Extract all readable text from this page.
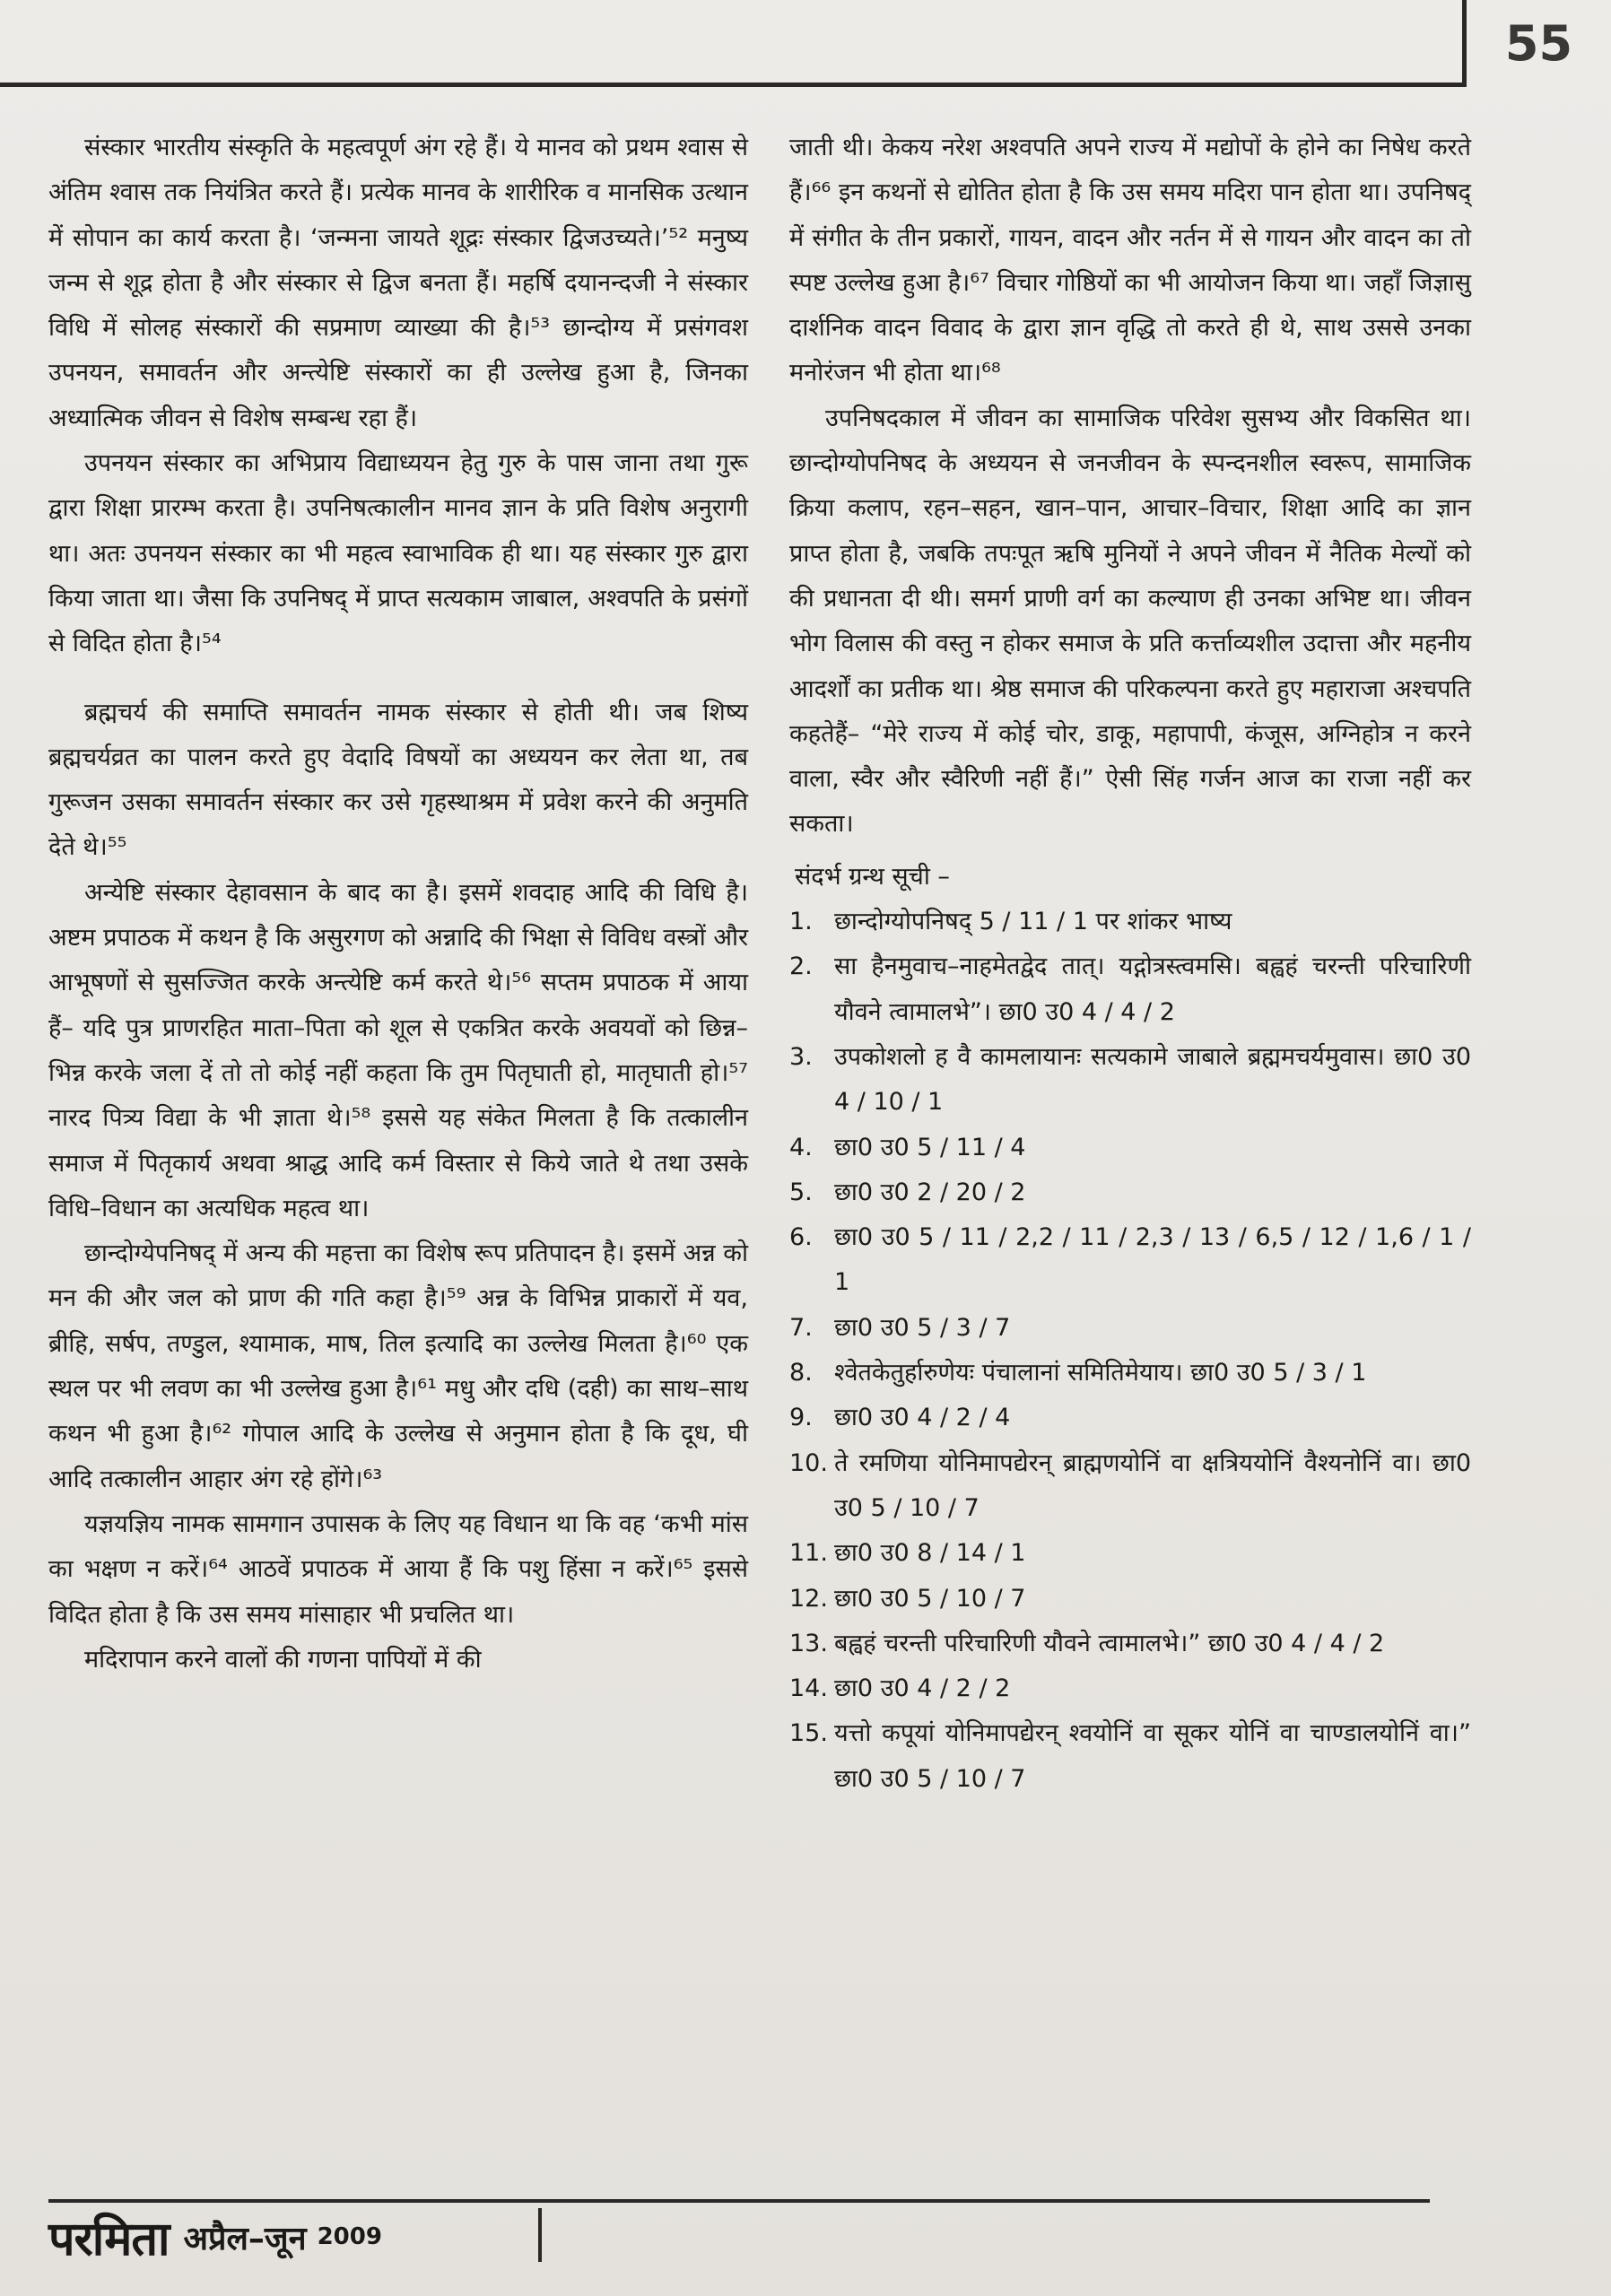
55

संस्कार भारतीय संस्कृति के महत्वपूर्ण अंग रहे हैं। ये मानव को प्रथम श्वास से अंतिम श्वास तक नियंत्रित करते हैं। प्रत्येक मानव के शारीरिक व मानसिक उत्थान में सोपान का कार्य करता है। ‘जन्मना जायते शूद्रः संस्कार द्विजउच्यते।’⁵² मनुष्य जन्म से शूद्र होता है और संस्कार से द्विज बनता हैं। महर्षि दयानन्दजी ने संस्कार विधि में सोलह संस्कारों की सप्रमाण व्याख्या की है।⁵³ छान्दोग्य में प्रसंगवश उपनयन, समावर्तन और अन्त्येष्टि संस्कारों का ही उल्लेख हुआ है, जिनका अध्यात्मिक जीवन से विशेष सम्बन्ध रहा हैं।

उपनयन संस्कार का अभिप्राय विद्याध्ययन हेतु गुरु के पास जाना तथा गुरू द्वारा शिक्षा प्रारम्भ करता है। उपनिषत्कालीन मानव ज्ञान के प्रति विशेष अनुरागी था। अतः उपनयन संस्कार का भी महत्व स्वाभाविक ही था। यह संस्कार गुरु द्वारा किया जाता था। जैसा कि उपनिषद् में प्राप्त सत्यकाम जाबाल, अश्वपति के प्रसंगों से विदित होता है।⁵⁴

ब्रह्मचर्य की समाप्ति समावर्तन नामक संस्कार से होती थी। जब शिष्य ब्रह्मचर्यव्रत का पालन करते हुए वेदादि विषयों का अध्ययन कर लेता था, तब गुरूजन उसका समावर्तन संस्कार कर उसे गृहस्थाश्रम में प्रवेश करने की अनुमति देते थे।⁵⁵

अन्येष्टि संस्कार देहावसान के बाद का है। इसमें शवदाह आदि की विधि है। अष्टम प्रपाठक में कथन है कि असुरगण को अन्नादि की भिक्षा से विविध वस्त्रों और आभूषणों से सुसज्जित करके अन्त्येष्टि कर्म करते थे।⁵⁶ सप्तम प्रपाठक में आया हैं– यदि पुत्र प्राणरहित माता–पिता को शूल से एकत्रित करके अवयवों को छिन्न–भिन्न करके जला दें तो तो कोई नहीं कहता कि तुम पितृघाती हो, मातृघाती हो।⁵⁷ नारद पित्र्य विद्या के भी ज्ञाता थे।⁵⁸ इससे यह संकेत मिलता है कि तत्कालीन समाज में पितृकार्य अथवा श्राद्ध आदि कर्म विस्तार से किये जाते थे तथा उसके विधि–विधान का अत्यधिक महत्व था।

छान्दोग्येपनिषद् में अन्य की महत्ता का विशेष रूप प्रतिपादन है। इसमें अन्न को मन की और जल को प्राण की गति कहा है।⁵⁹ अन्न के विभिन्न प्राकारों में यव, ब्रीहि, सर्षप, तण्डुल, श्यामाक, माष, तिल इत्यादि का उल्लेख मिलता है।⁶⁰ एक स्थल पर भी लवण का भी उल्लेख हुआ है।⁶¹ मधु और दधि (दही) का साथ–साथ कथन भी हुआ है।⁶² गोपाल आदि के उल्लेख से अनुमान होता है कि दूध, घी आदि तत्कालीन आहार अंग रहे होंगे।⁶³

यज्ञयज्ञिय नामक सामगान उपासक के लिए यह विधान था कि वह ‘कभी मांस का भक्षण न करें।⁶⁴ आठवें प्रपाठक में आया हैं कि पशु हिंसा न करें।⁶⁵ इससे विदित होता है कि उस समय मांसाहार भी प्रचलित था।

मदिरापान करने वालों की गणना पापियों में की

जाती थी। केकय नरेश अश्वपति अपने राज्य में मद्योपों के होने का निषेध करते हैं।⁶⁶ इन कथनों से द्योतित होता है कि उस समय मदिरा पान होता था। उपनिषद् में संगीत के तीन प्रकारों, गायन, वादन और नर्तन में से गायन और वादन का तो स्पष्ट उल्लेख हुआ है।⁶⁷ विचार गोष्ठियों का भी आयोजन किया था। जहाँ जिज्ञासु दार्शनिक वादन विवाद के द्वारा ज्ञान वृद्धि तो करते ही थे, साथ उससे उनका मनोरंजन भी होता था।⁶⁸

उपनिषदकाल में जीवन का सामाजिक परिवेश सुसभ्य और विकसित था। छान्दोग्योपनिषद के अध्ययन से जनजीवन के स्पन्दनशील स्वरूप, सामाजिक क्रिया कलाप, रहन–सहन, खान–पान, आचार–विचार, शिक्षा आदि का ज्ञान प्राप्त होता है, जबकि तपःपूत ऋषि मुनियों ने अपने जीवन में नैतिक मेल्यों को की प्रधानता दी थी। समर्ग प्राणी वर्ग का कल्याण ही उनका अभिष्ट था। जीवन भोग विलास की वस्तु न होकर समाज के प्रति कर्त्ताव्यशील उदात्ता और महनीय आदर्शों का प्रतीक था। श्रेष्ठ समाज की परिकल्पना करते हुए महाराजा अश्चपति कहतेहैं– “मेरे राज्य में कोई चोर, डाकू, महापापी, कंजूस, अग्निहोत्र न करने वाला, स्वैर और स्वैरिणी नहीं हैं।” ऐसी सिंह गर्जन आज का राजा नहीं कर सकता।

संदर्भ ग्रन्थ सूची –

1. छान्दोग्योपनिषद् 5 / 11 / 1 पर शांकर भाष्य
2. सा हैनमुवाच–नाहमेतद्वेद तात्। यद्गोत्रस्त्वमसि। बह्वहं चरन्ती परिचारिणी यौवने त्वामालभे”। छा0 उ0 4 / 4 / 2
3. उपकोशलो ह वै कामलायानः सत्यकामे जाबाले ब्रह्ममचर्यमुवास। छा0 उ0 4 / 10 / 1
4. छा0 उ0 5 / 11 / 4
5. छा0 उ0 2 / 20 / 2
6. छा0 उ0 5 / 11 / 2,2 / 11 / 2,3 / 13 / 6,5 / 12 / 1,6 / 1 / 1
7. छा0 उ0 5 / 3 / 7
8. श्वेतकेतुर्हारुणेयः पंचालानां समितिमेयाय। छा0 उ0 5 / 3 / 1
9. छा0 उ0 4 / 2 / 4
10. ते रमणिया योनिमापद्येरन् ब्राह्मणयोनिं वा क्षत्रिययोनिं वैश्यनोनिं वा। छा0 उ0 5 / 10 / 7
11. छा0 उ0 8 / 14 / 1
12. छा0 उ0 5 / 10 / 7
13. बह्वहं चरन्ती परिचारिणी यौवने त्वामालभे।” छा0 उ0 4 / 4 / 2
14. छा0 उ0 4 / 2 / 2
15. यत्तो कपूयां योनिमापद्येरन् श्वयोनिं वा सूकर योनिं वा चाण्डालयोनिं वा।” छा0 उ0 5 / 10 / 7
परमिता अप्रैल–जून 2009
